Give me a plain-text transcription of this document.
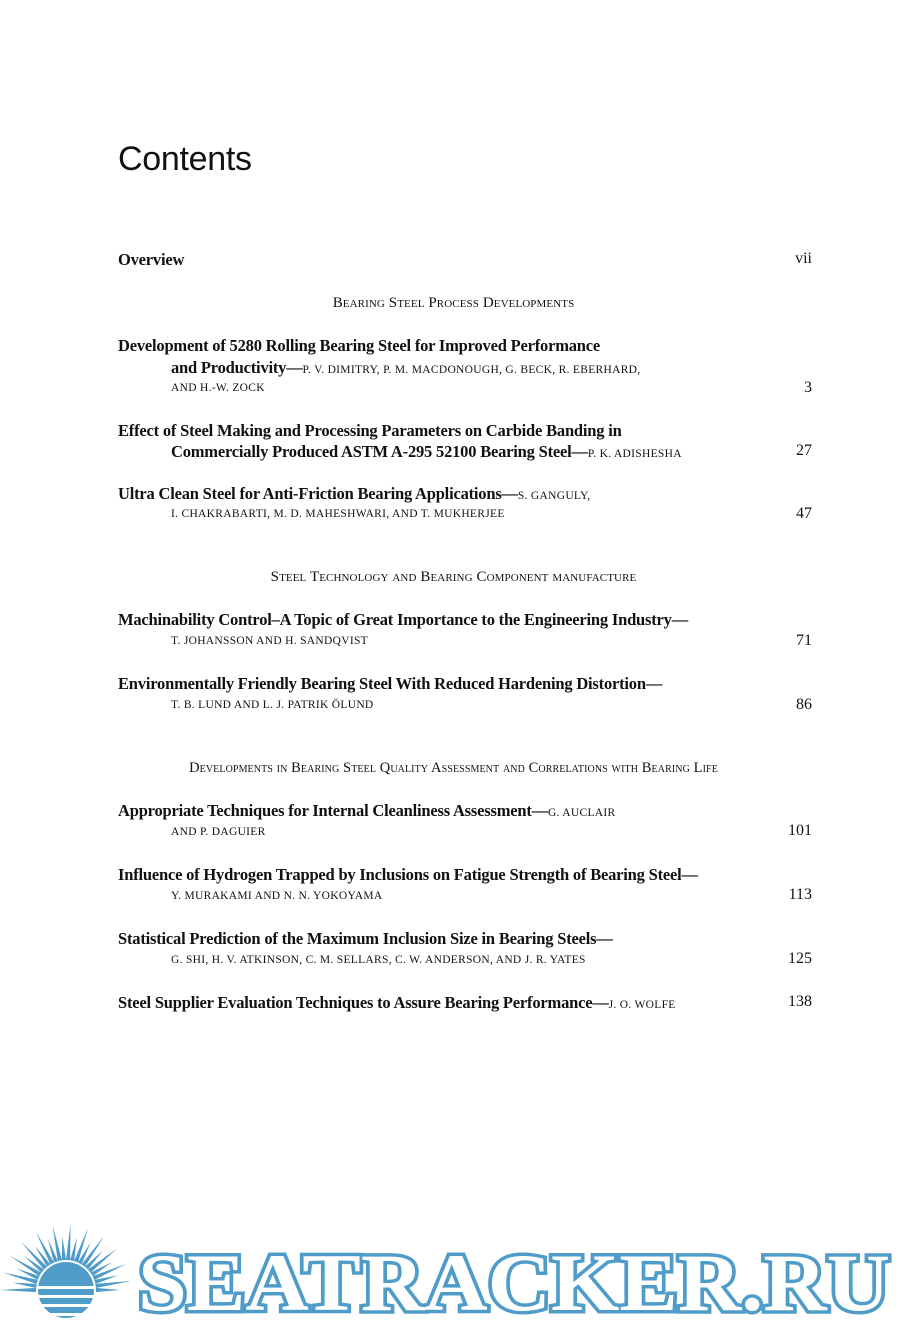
Contents
Overview	vii
Bearing Steel Process Developments
Development of 5280 Rolling Bearing Steel for Improved Performance
and Productivity—P. V. DIMITRY, P. M. MACDONOUGH, G. BECK, R. EBERHARD,
AND H.-W. ZOCK	3
Effect of Steel Making and Processing Parameters on Carbide Banding in
Commercially Produced ASTM A-295 52100 Bearing Steel—P. K. ADISHESHA	27
Ultra Clean Steel for Anti-Friction Bearing Applications—S. GANGULY,
I. CHAKRABARTI, M. D. MAHESHWARI, AND T. MUKHERJEE	47
Steel Technology and Bearing Component manufacture
Machinability Control–A Topic of Great Importance to the Engineering Industry—
T. JOHANSSON AND H. SANDQVIST	71
Environmentally Friendly Bearing Steel With Reduced Hardening Distortion—
T. B. LUND AND L. J. PATRIK ÖLUND	86
Developments in Bearing Steel Quality Assessment and Correlations with Bearing Life
Appropriate Techniques for Internal Cleanliness Assessment—G. AUCLAIR
AND P. DAGUIER	101
Influence of Hydrogen Trapped by Inclusions on Fatigue Strength of Bearing Steel—
Y. MURAKAMI AND N. N. YOKOYAMA	113
Statistical Prediction of the Maximum Inclusion Size in Bearing Steels—
G. SHI, H. V. ATKINSON, C. M. SELLARS, C. W. ANDERSON, AND J. R. YATES	125
Steel Supplier Evaluation Techniques to Assure Bearing Performance—J. O. WOLFE	138
SEATRACKER.RU
